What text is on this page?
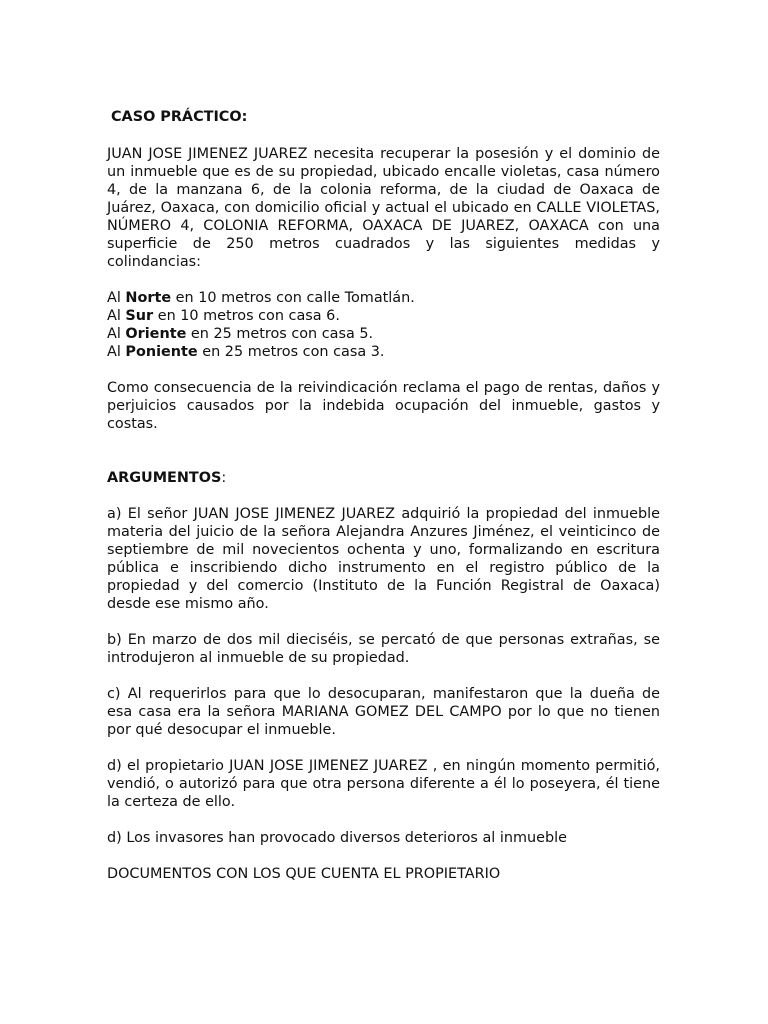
CASO PRÁCTICO:

JUAN JOSE JIMENEZ JUAREZ necesita recuperar la posesión y el dominio de un inmueble que es de su propiedad, ubicado encalle violetas, casa número 4, de la manzana 6, de la colonia reforma, de la ciudad de Oaxaca de Juárez, Oaxaca, con domicilio oficial y actual el ubicado en CALLE VIOLETAS, NÚMERO 4, COLONIA REFORMA, OAXACA DE JUAREZ, OAXACA con una superficie de 250 metros cuadrados y las siguientes medidas y colindancias:

Al Norte en 10 metros con calle Tomatlán.
Al Sur en 10 metros con casa 6.
Al Oriente en 25 metros con casa 5.
Al Poniente en 25 metros con casa 3.

Como consecuencia de la reivindicación reclama el pago de rentas, daños y perjuicios causados por la indebida ocupación del inmueble, gastos y costas.

ARGUMENTOS:

a) El señor JUAN JOSE JIMENEZ JUAREZ adquirió la propiedad del inmueble materia del juicio de la señora Alejandra Anzures Jiménez, el veinticinco de septiembre de mil novecientos ochenta y uno, formalizando en escritura pública e inscribiendo dicho instrumento en el registro público de la propiedad y del comercio (Instituto de la Función Registral de Oaxaca) desde ese mismo año.

b) En marzo de dos mil dieciséis, se percató de que personas extrañas, se introdujeron al inmueble de su propiedad.

c) Al requerirlos para que lo desocuparan, manifestaron que la dueña de esa casa era la señora MARIANA GOMEZ DEL CAMPO por lo que no tienen por qué desocupar el inmueble.

d) el propietario JUAN JOSE JIMENEZ JUAREZ , en ningún momento permitió, vendió, o autorizó para que otra persona diferente a él lo poseyera, él tiene la certeza de ello.

d) Los invasores han provocado diversos deterioros al inmueble

DOCUMENTOS CON LOS QUE CUENTA EL PROPIETARIO
